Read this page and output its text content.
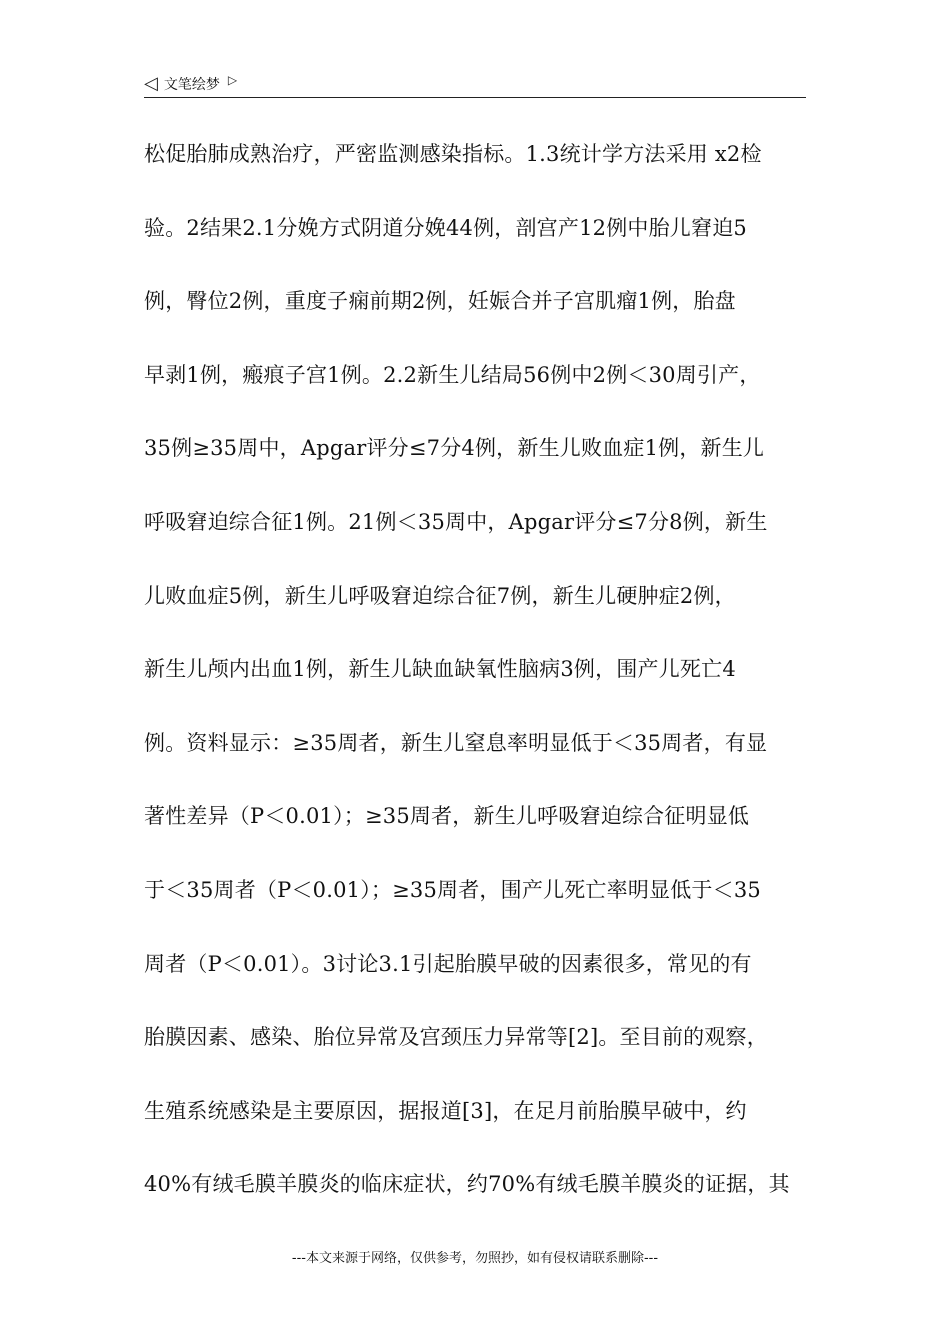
◁ 文笔绘梦 ▷
松促胎肺成熟治疗，严密监测感染指标。1.3统计学方法采用 x2检
验。2结果2.1分娩方式阴道分娩44例，剖宫产12例中胎儿窘迫5
例，臀位2例，重度子痫前期2例，妊娠合并子宫肌瘤1例，胎盘
早剥1例，瘢痕子宫1例。2.2新生儿结局56例中2例＜30周引产，
35例≥35周中，Apgar评分≤7分4例，新生儿败血症1例，新生儿
呼吸窘迫综合征1例。21例＜35周中，Apgar评分≤7分8例，新生
儿败血症5例，新生儿呼吸窘迫综合征7例，新生儿硬肿症2例，
新生儿颅内出血1例，新生儿缺血缺氧性脑病3例，围产儿死亡4
例。资料显示：≥35周者，新生儿窒息率明显低于＜35周者，有显
著性差异（P＜0.01）；≥35周者，新生儿呼吸窘迫综合征明显低
于＜35周者（P＜0.01）；≥35周者，围产儿死亡率明显低于＜35
周者（P＜0.01）。3讨论3.1引起胎膜早破的因素很多，常见的有
胎膜因素、感染、胎位异常及宫颈压力异常等[2]。至目前的观察，
生殖系统感染是主要原因，据报道[3]，在足月前胎膜早破中，约
40%有绒毛膜羊膜炎的临床症状，约70%有绒毛膜羊膜炎的证据，其
---本文来源于网络，仅供参考，勿照抄，如有侵权请联系删除---
